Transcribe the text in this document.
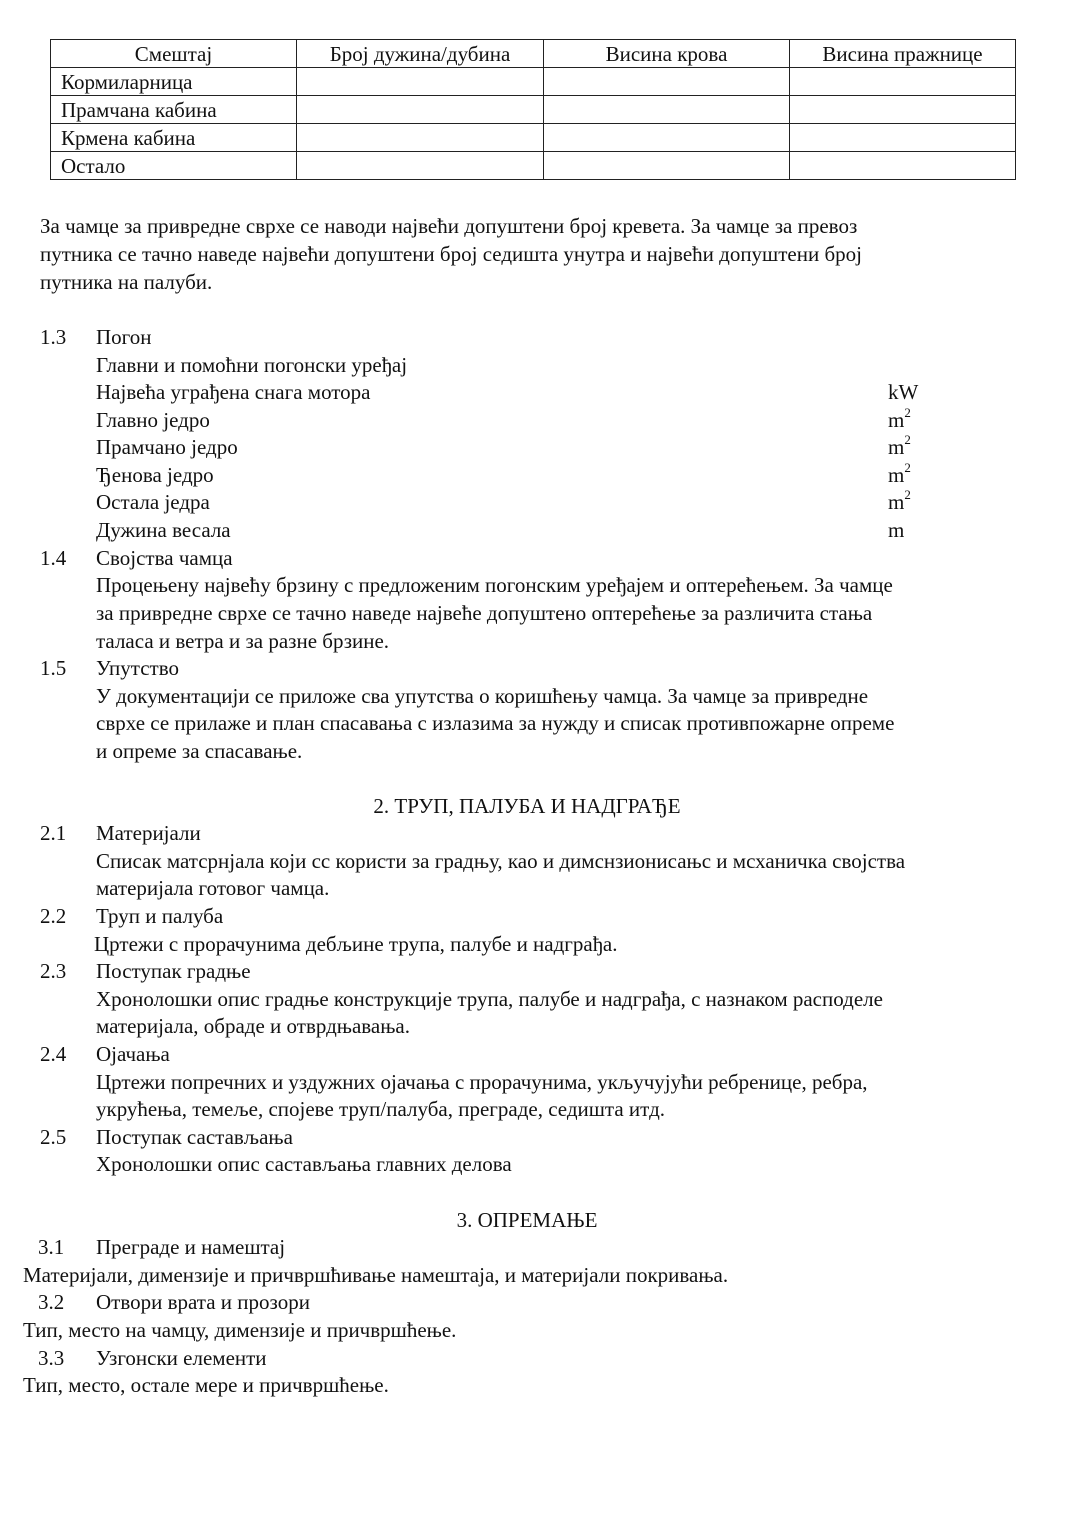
Смештај	Број дужина/дубина	Висина крова	Висина пражнице
Кормиларница			
Прамчана кабина			
Крмена кабина			
Остало			
За чамце за привредне сврхе се наводи највећи допуштени број кревета. За чамце за превоз
путника се тачно наведе највећи допуштени број седишта унутра и највећи допуштени број
путника на палуби.
1.3 Погон
Главни и помоћни погонски уређај
Највећа уграђена снага мотора	kW
Главно једро	$m^2$
Прамчано једро	$m^2$
Ђенова једро	$m^2$
Остала једра	$m^2$
Дужина весала	m
1.4 Својства чамца
Процењену највећу брзину с предложеним погонским уређајем и оптерећењем. За чамце
за привредне сврхе се тачно наведе највеће допуштено оптерећење за различита стања
таласа и ветра и за разне брзине.
1.5 Упутство
У документацији се приложе сва упутства о коришћењу чамца. За чамце за привредне
сврхе се прилаже и план спасавања с излазима за нужду и списак противпожарне опреме
и опреме за спасавање.
2. ТРУП, ПАЛУБА И НАДГРАЂЕ
2.1 Материјали
Списак матсрнјала који сс користи за градњу, као и димснзионисањс и мсханичка својства
материјала готовог чамца.
2.2 Труп и палуба
Цртежи с прорачунима дебљине трупа, палубе и надграђа.
2.3 Поступак градње
Хронолошки опис градње конструкције трупа, палубе и надграђа, с назнаком расподеле
материјала, обраде и отврдњавања.
2.4 Ојачања
Цртежи попречних и уздужних ојачања с прорачунима, укључујући ребренице, ребра,
укрућења, темеље, спојеве труп/палуба, преграде, седишта итд.
2.5 Поступак састављања
Хронолошки опис састављања главних делова
3. ОПРЕМАЊЕ
3.1 Преграде и намештај
Материјали, димензије и причвршћивање намештаја, и материјали покривања.
3.2 Отвори врата и прозори
Тип, место на чамцу, димензије и причвршћење.
3.3 Узгонски елементи
Тип, место, остале мере и причвршћење.
